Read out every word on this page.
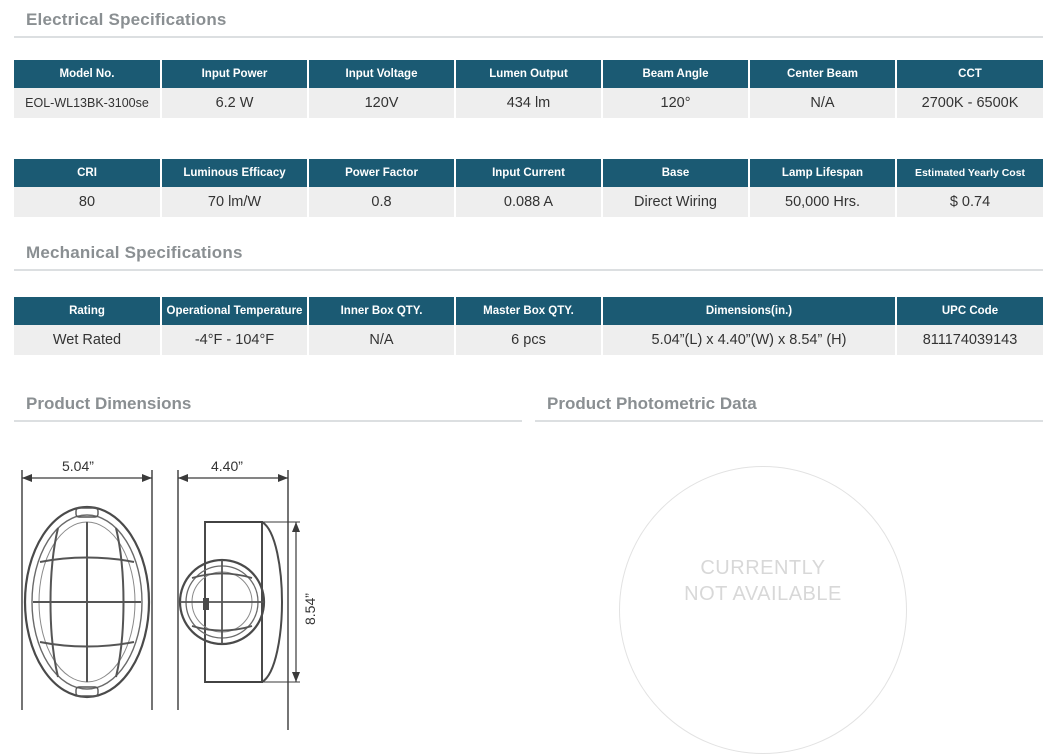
Electrical Specifications
Model No.	Input Power	Input Voltage	Lumen Output	Beam Angle	Center Beam	CCT
EOL-WL13BK-3100se	6.2 W	120V	434 lm	120°	N/A	2700K - 6500K
CRI	Luminous Efficacy	Power Factor	Input Current	Base	Lamp Lifespan	Estimated Yearly Cost
80	70 lm/W	0.8	0.088 A	Direct Wiring	50,000 Hrs.	$ 0.74
Mechanical Specifications
Rating	Operational Temperature	Inner Box QTY.	Master Box QTY.	Dimensions(in.)	UPC Code
Wet Rated	-4°F - 104°F	N/A	6 pcs	5.04”(L) x 4.40”(W) x 8.54” (H)	811174039143
Product Dimensions	Product Photometric Data
5.04”	4.40”
8.54”
CURRENTLY
NOT AVAILABLE
